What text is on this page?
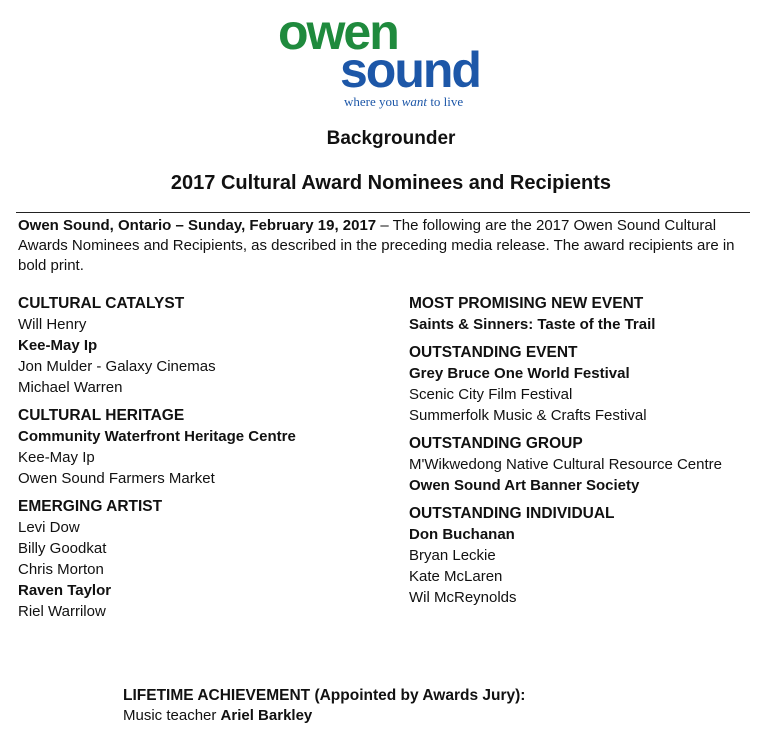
owen
sound
where you want to live
Backgrounder
2017 Cultural Award Nominees and Recipients
Owen Sound, Ontario – Sunday, February 19, 2017 – The following are the 2017 Owen Sound Cultural Awards Nominees and Recipients, as described in the preceding media release. The award recipients are in bold print.
CULTURAL CATALYST
Will Henry
Kee-May Ip
Jon Mulder - Galaxy Cinemas
Michael Warren
CULTURAL HERITAGE
Community Waterfront Heritage Centre
Kee-May Ip
Owen Sound Farmers Market
EMERGING ARTIST
Levi Dow
Billy Goodkat
Chris Morton
Raven Taylor
Riel Warrilow
MOST PROMISING NEW EVENT
Saints & Sinners: Taste of the Trail
OUTSTANDING EVENT
Grey Bruce One World Festival
Scenic City Film Festival
Summerfolk Music & Crafts Festival
OUTSTANDING GROUP
M'Wikwedong Native Cultural Resource Centre
Owen Sound Art Banner Society
OUTSTANDING INDIVIDUAL
Don Buchanan
Bryan Leckie
Kate McLaren
Wil McReynolds
LIFETIME ACHIEVEMENT (Appointed by Awards Jury):
Music teacher Ariel Barkley
